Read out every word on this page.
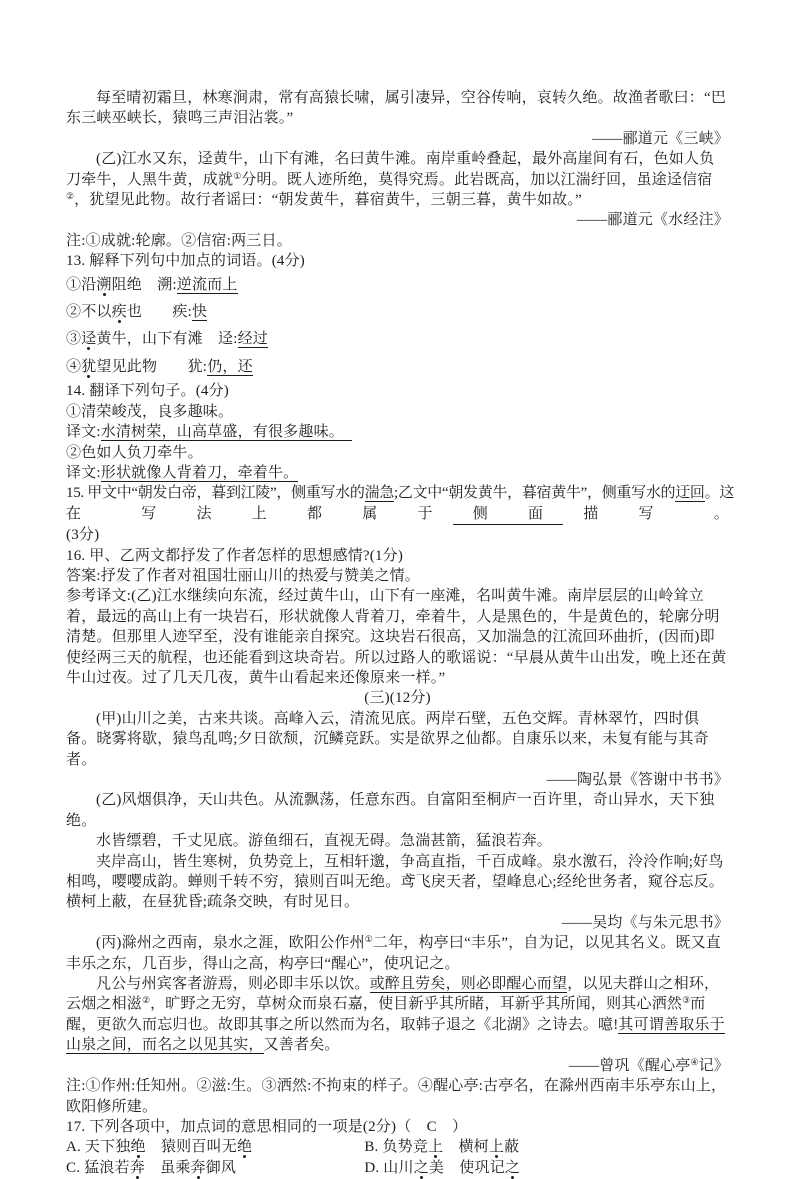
每至晴初霜旦，林寒涧肃，常有高猿长啸，属引凄异，空谷传响，哀转久绝。故渔者歌曰：“巴东三峡巫峡长，猿鸣三声泪沾裳。”
——郦道元《三峡》
(乙)江水又东，迳黄牛，山下有滩，名曰黄牛滩。南岸重岭叠起，最外高崖间有石，色如人负刀牵牛，人黑牛黄，成就①分明。既人迹所绝，莫得究焉。此岩既高，加以江湍纡回，虽途迳信宿②，犹望见此物。故行者谣曰：“朝发黄牛，暮宿黄牛，三朝三暮，黄牛如故。”
——郦道元《水经注》
注:①成就:轮廓。②信宿:两三日。
13. 解释下列句中加点的词语。(4分)
①沿溯阻绝　溯:逆流而上
②不以疾也　　疾:快
③迳黄牛，山下有滩　迳:经过
④犹望见此物　　犹:仍，还
14. 翻译下列句子。(4分)
①清荣峻茂，良多趣味。
译文:水清树荣，山高草盛，有很多趣味。　
②色如人负刀牵牛。
译文:形状就像人背着刀，牵着牛。
15. 甲文中“朝发白帝，暮到江陵”，侧重写水的湍急;乙文中“朝发黄牛，暮宿黄牛”，侧重写水的迂回。这
在	写	法	上	都	属	于	侧	面	描	写	。
(3分)
16. 甲、乙两文都抒发了作者怎样的思想感情?(1分)
答案:抒发了作者对祖国壮丽山川的热爱与赞美之情。
参考译文:(乙)江水继续向东流，经过黄牛山，山下有一座滩，名叫黄牛滩。南岸层层的山岭耸立着，最远的高山上有一块岩石，形状就像人背着刀，牵着牛，人是黑色的，牛是黄色的，轮廓分明清楚。但那里人迹罕至，没有谁能亲自探究。这块岩石很高，又加湍急的江流回环曲折，(因而)即使经两三天的航程，也还能看到这块奇岩。所以过路人的歌谣说：“早晨从黄牛山出发，晚上还在黄牛山过夜。过了几天几夜，黄牛山看起来还像原来一样。”
(三)(12分)
(甲)山川之美，古来共谈。高峰入云，清流见底。两岸石壁，五色交辉。青林翠竹，四时俱备。晓雾将歇，猿鸟乱鸣;夕日欲颓，沉鳞竞跃。实是欲界之仙都。自康乐以来，未复有能与其奇者。
——陶弘景《答谢中书书》
(乙)风烟俱净，天山共色。从流飘荡，任意东西。自富阳至桐庐一百许里，奇山异水，天下独绝。
水皆缥碧，千丈见底。游鱼细石，直视无碍。急湍甚箭，猛浪若奔。
夹岸高山，皆生寒树，负势竞上，互相轩邈，争高直指，千百成峰。泉水激石，泠泠作响;好鸟相鸣，嘤嘤成韵。蝉则千转不穷，猿则百叫无绝。鸢飞戾天者，望峰息心;经纶世务者，窥谷忘反。横柯上蔽，在昼犹昏;疏条交映，有时见日。
——吴均《与朱元思书》
(丙)滁州之西南，泉水之涯，欧阳公作州①二年，构亭曰“丰乐”，自为记，以见其名义。既又直丰乐之东，几百步，得山之高，构亭曰“醒心”，使巩记之。
凡公与州宾客者游焉，则必即丰乐以饮。或醉且劳矣，则必即醒心而望，以见夫群山之相环，云烟之相滋②，旷野之无穷，草树众而泉石嘉，使目新乎其所睹，耳新乎其所闻，则其心洒然③而醒，更欲久而忘归也。故即其事之所以然而为名，取韩子退之《北湖》之诗去。噫!其可谓善取乐于山泉之间，而名之以见其实，又善者矣。
——曾巩《醒心亭④记》
注:①作州:任知州。②滋:生。③洒然:不拘束的样子。④醒心亭:古亭名，在滁州西南丰乐亭东山上，欧阳修所建。
17. 下列各项中，加点词的意思相同的一项是(2分)（　C　）
A. 天下独绝　猿则百叫无绝	B. 负势竞上　横柯上蔽
C. 猛浪若奔　虽乘奔御风	D. 山川之美　使巩记之
